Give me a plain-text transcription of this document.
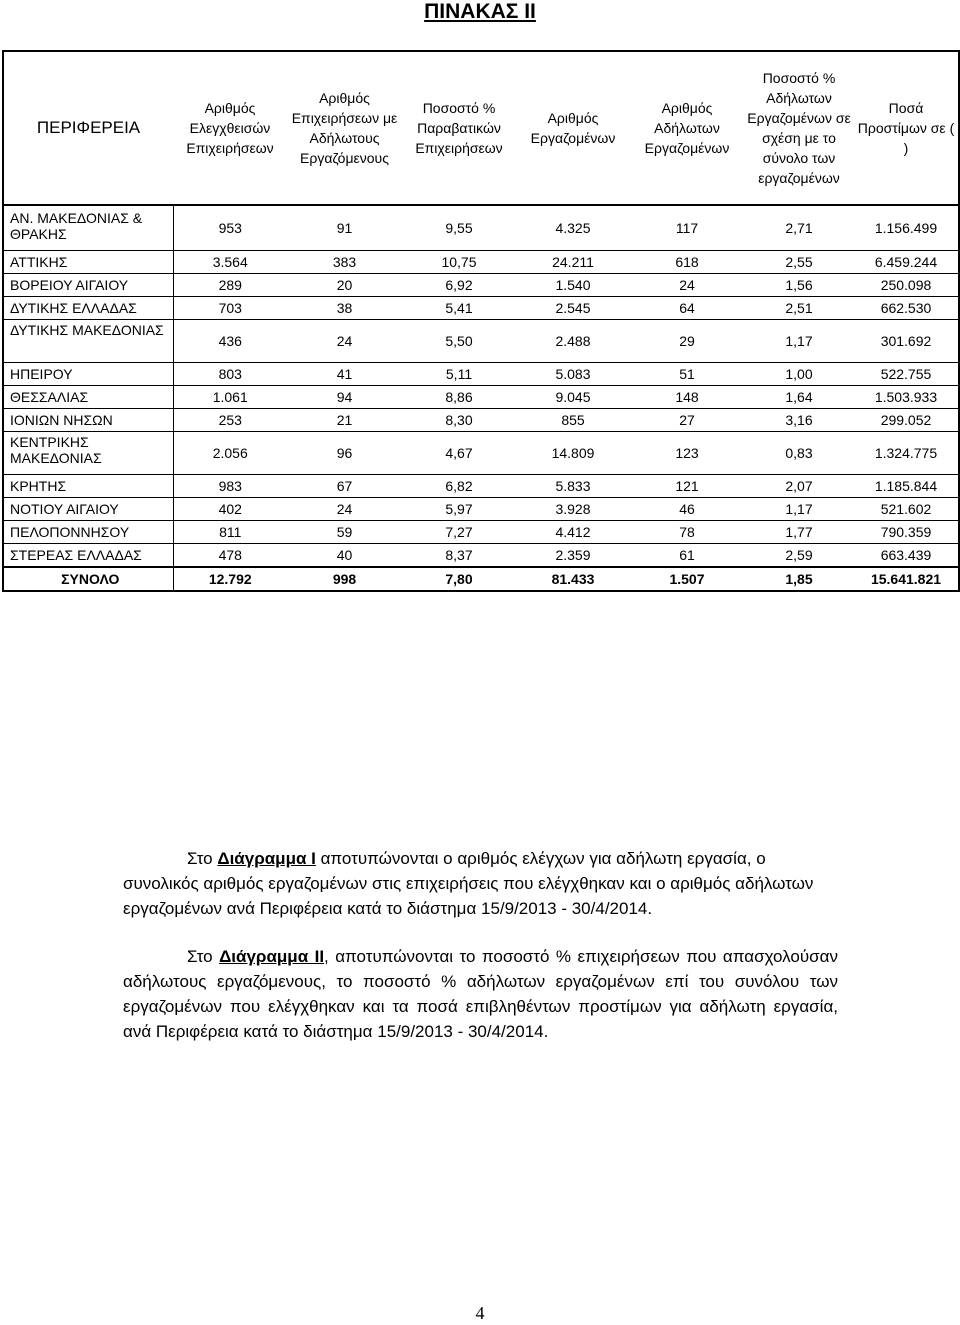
ΠΙΝΑΚΑΣ II
ΠΕΡΙΦΕΡΕΙΑ	Αριθμός Ελεγχθεισών Επιχειρήσεων	Αριθμός Επιχειρήσεων με Αδήλωτους Εργαζόμενους	Ποσοστό % Παραβατικών Επιχειρήσεων	Αριθμός Εργαζομένων	Αριθμός Αδήλωτων Εργαζομένων	Ποσοστό % Αδήλωτων Εργαζομένων σε σχέση με το σύνολο των εργαζομένων	Ποσά Προστίμων σε ( )
ΑΝ. ΜΑΚΕΔΟΝΙΑΣ & ΘΡΑΚΗΣ	953	91	9,55	4.325	117	2,71	1.156.499
ΑΤΤΙΚΗΣ	3.564	383	10,75	24.211	618	2,55	6.459.244
ΒΟΡΕΙΟΥ ΑΙΓΑΙΟΥ	289	20	6,92	1.540	24	1,56	250.098
ΔΥΤΙΚΗΣ ΕΛΛΑΔΑΣ	703	38	5,41	2.545	64	2,51	662.530
ΔΥΤΙΚΗΣ ΜΑΚΕΔΟΝΙΑΣ	436	24	5,50	2.488	29	1,17	301.692
ΗΠΕΙΡΟΥ	803	41	5,11	5.083	51	1,00	522.755
ΘΕΣΣΑΛΙΑΣ	1.061	94	8,86	9.045	148	1,64	1.503.933
ΙΟΝΙΩΝ ΝΗΣΩΝ	253	21	8,30	855	27	3,16	299.052
ΚΕΝΤΡΙΚΗΣ ΜΑΚΕΔΟΝΙΑΣ	2.056	96	4,67	14.809	123	0,83	1.324.775
ΚΡΗΤΗΣ	983	67	6,82	5.833	121	2,07	1.185.844
ΝΟΤΙΟΥ ΑΙΓΑΙΟΥ	402	24	5,97	3.928	46	1,17	521.602
ΠΕΛΟΠΟΝΝΗΣΟΥ	811	59	7,27	4.412	78	1,77	790.359
ΣΤΕΡΕΑΣ ΕΛΛΑΔΑΣ	478	40	8,37	2.359	61	2,59	663.439
ΣΥΝΟΛΟ	12.792	998	7,80	81.433	1.507	1,85	15.641.821
Στο Διάγραμμα Ι αποτυπώνονται ο αριθμός ελέγχων για αδήλωτη εργασία, ο συνολικός αριθμός εργαζομένων στις επιχειρήσεις που ελέγχθηκαν και ο αριθμός αδήλωτων εργαζομένων ανά Περιφέρεια κατά το διάστημα 15/9/2013 - 30/4/2014.
Στο Διάγραμμα ΙΙ, αποτυπώνονται το ποσοστό % επιχειρήσεων που απασχολούσαν αδήλωτους εργαζόμενους, το ποσοστό % αδήλωτων εργαζομένων επί του συνόλου των εργαζομένων που ελέγχθηκαν και τα ποσά επιβληθέντων προστίμων για αδήλωτη εργασία, ανά Περιφέρεια κατά το διάστημα 15/9/2013 - 30/4/2014.
4
